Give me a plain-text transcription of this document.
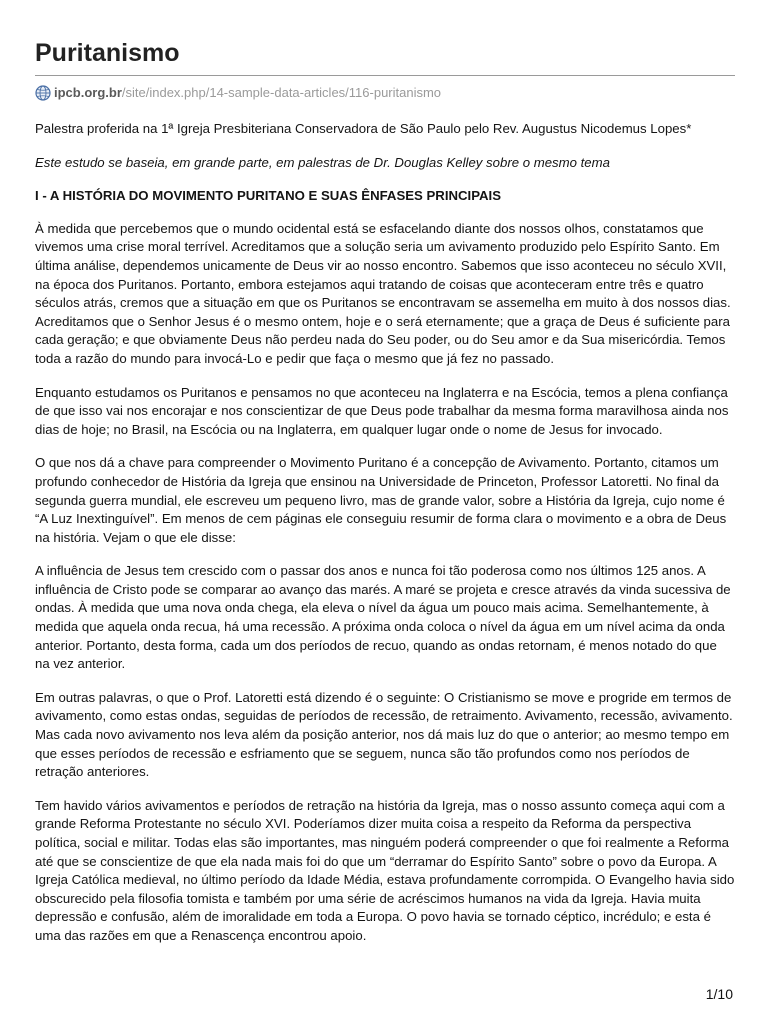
Puritanismo
ipcb.org.br /site/index.php/14-sample-data-articles/116-puritanismo

Palestra proferida na 1ª Igreja Presbiteriana Conservadora de São Paulo pelo Rev. Augustus Nicodemus Lopes*

Este estudo se baseia, em grande parte, em palestras de Dr. Douglas Kelley sobre o mesmo tema

I - A HISTÓRIA DO MOVIMENTO PURITANO E SUAS ÊNFASES PRINCIPAIS

À medida que percebemos que o mundo ocidental está se esfacelando diante dos nossos olhos, constatamos que vivemos uma crise moral terrível. Acreditamos que a solução seria um avivamento produzido pelo Espírito Santo. Em última análise, dependemos unicamente de Deus vir ao nosso encontro. Sabemos que isso aconteceu no século XVII, na época dos Puritanos. Portanto, embora estejamos aqui tratando de coisas que aconteceram entre três e quatro séculos atrás, cremos que a situação em que os Puritanos se encontravam se assemelha em muito à dos nossos dias. Acreditamos que o Senhor Jesus é o mesmo ontem, hoje e o será eternamente; que a graça de Deus é suficiente para cada geração; e que obviamente Deus não perdeu nada do Seu poder, ou do Seu amor e da Sua misericórdia. Temos toda a razão do mundo para invocá-Lo e pedir que faça o mesmo que já fez no passado.

Enquanto estudamos os Puritanos e pensamos no que aconteceu na Inglaterra e na Escócia, temos a plena confiança de que isso vai nos encorajar e nos conscientizar de que Deus pode trabalhar da mesma forma maravilhosa ainda nos dias de hoje; no Brasil, na Escócia ou na Inglaterra, em qualquer lugar onde o nome de Jesus for invocado.

O que nos dá a chave para compreender o Movimento Puritano é a concepção de Avivamento. Portanto, citamos um profundo conhecedor de História da Igreja que ensinou na Universidade de Princeton, Professor Latoretti. No final da segunda guerra mundial, ele escreveu um pequeno livro, mas de grande valor, sobre a História da Igreja, cujo nome é “A Luz Inextinguível”. Em menos de cem páginas ele conseguiu resumir de forma clara o movimento e a obra de Deus na história. Vejam o que ele disse:

A influência de Jesus tem crescido com o passar dos anos e nunca foi tão poderosa como nos últimos 125 anos. A influência de Cristo pode se comparar ao avanço das marés. A maré se projeta e cresce através da vinda sucessiva de ondas. À medida que uma nova onda chega, ela eleva o nível da água um pouco mais acima. Semelhantemente, à medida que aquela onda recua, há uma recessão. A próxima onda coloca o nível da água em um nível acima da onda anterior. Portanto, desta forma, cada um dos períodos de recuo, quando as ondas retornam, é menos notado do que na vez anterior.

Em outras palavras, o que o Prof. Latoretti está dizendo é o seguinte: O Cristianismo se move e progride em termos de avivamento, como estas ondas, seguidas de períodos de recessão, de retraimento. Avivamento, recessão, avivamento. Mas cada novo avivamento nos leva além da posição anterior, nos dá mais luz do que o anterior; ao mesmo tempo em que esses períodos de recessão e esfriamento que se seguem, nunca são tão profundos como nos períodos de retração anteriores.

Tem havido vários avivamentos e períodos de retração na história da Igreja, mas o nosso assunto começa aqui com a grande Reforma Protestante no século XVI. Poderíamos dizer muita coisa a respeito da Reforma da perspectiva política, social e militar. Todas elas são importantes, mas ninguém poderá compreender o que foi realmente a Reforma até que se conscientize de que ela nada mais foi do que um “derramar do Espírito Santo” sobre o povo da Europa. A Igreja Católica medieval, no último período da Idade Média, estava profundamente corrompida. O Evangelho havia sido obscurecido pela filosofia tomista e também por uma série de acréscimos humanos na vida da Igreja. Havia muita depressão e confusão, além de imoralidade em toda a Europa. O povo havia se tornado céptico, incrédulo; e esta é uma das razões em que a Renascença encontrou apoio.

1/10
